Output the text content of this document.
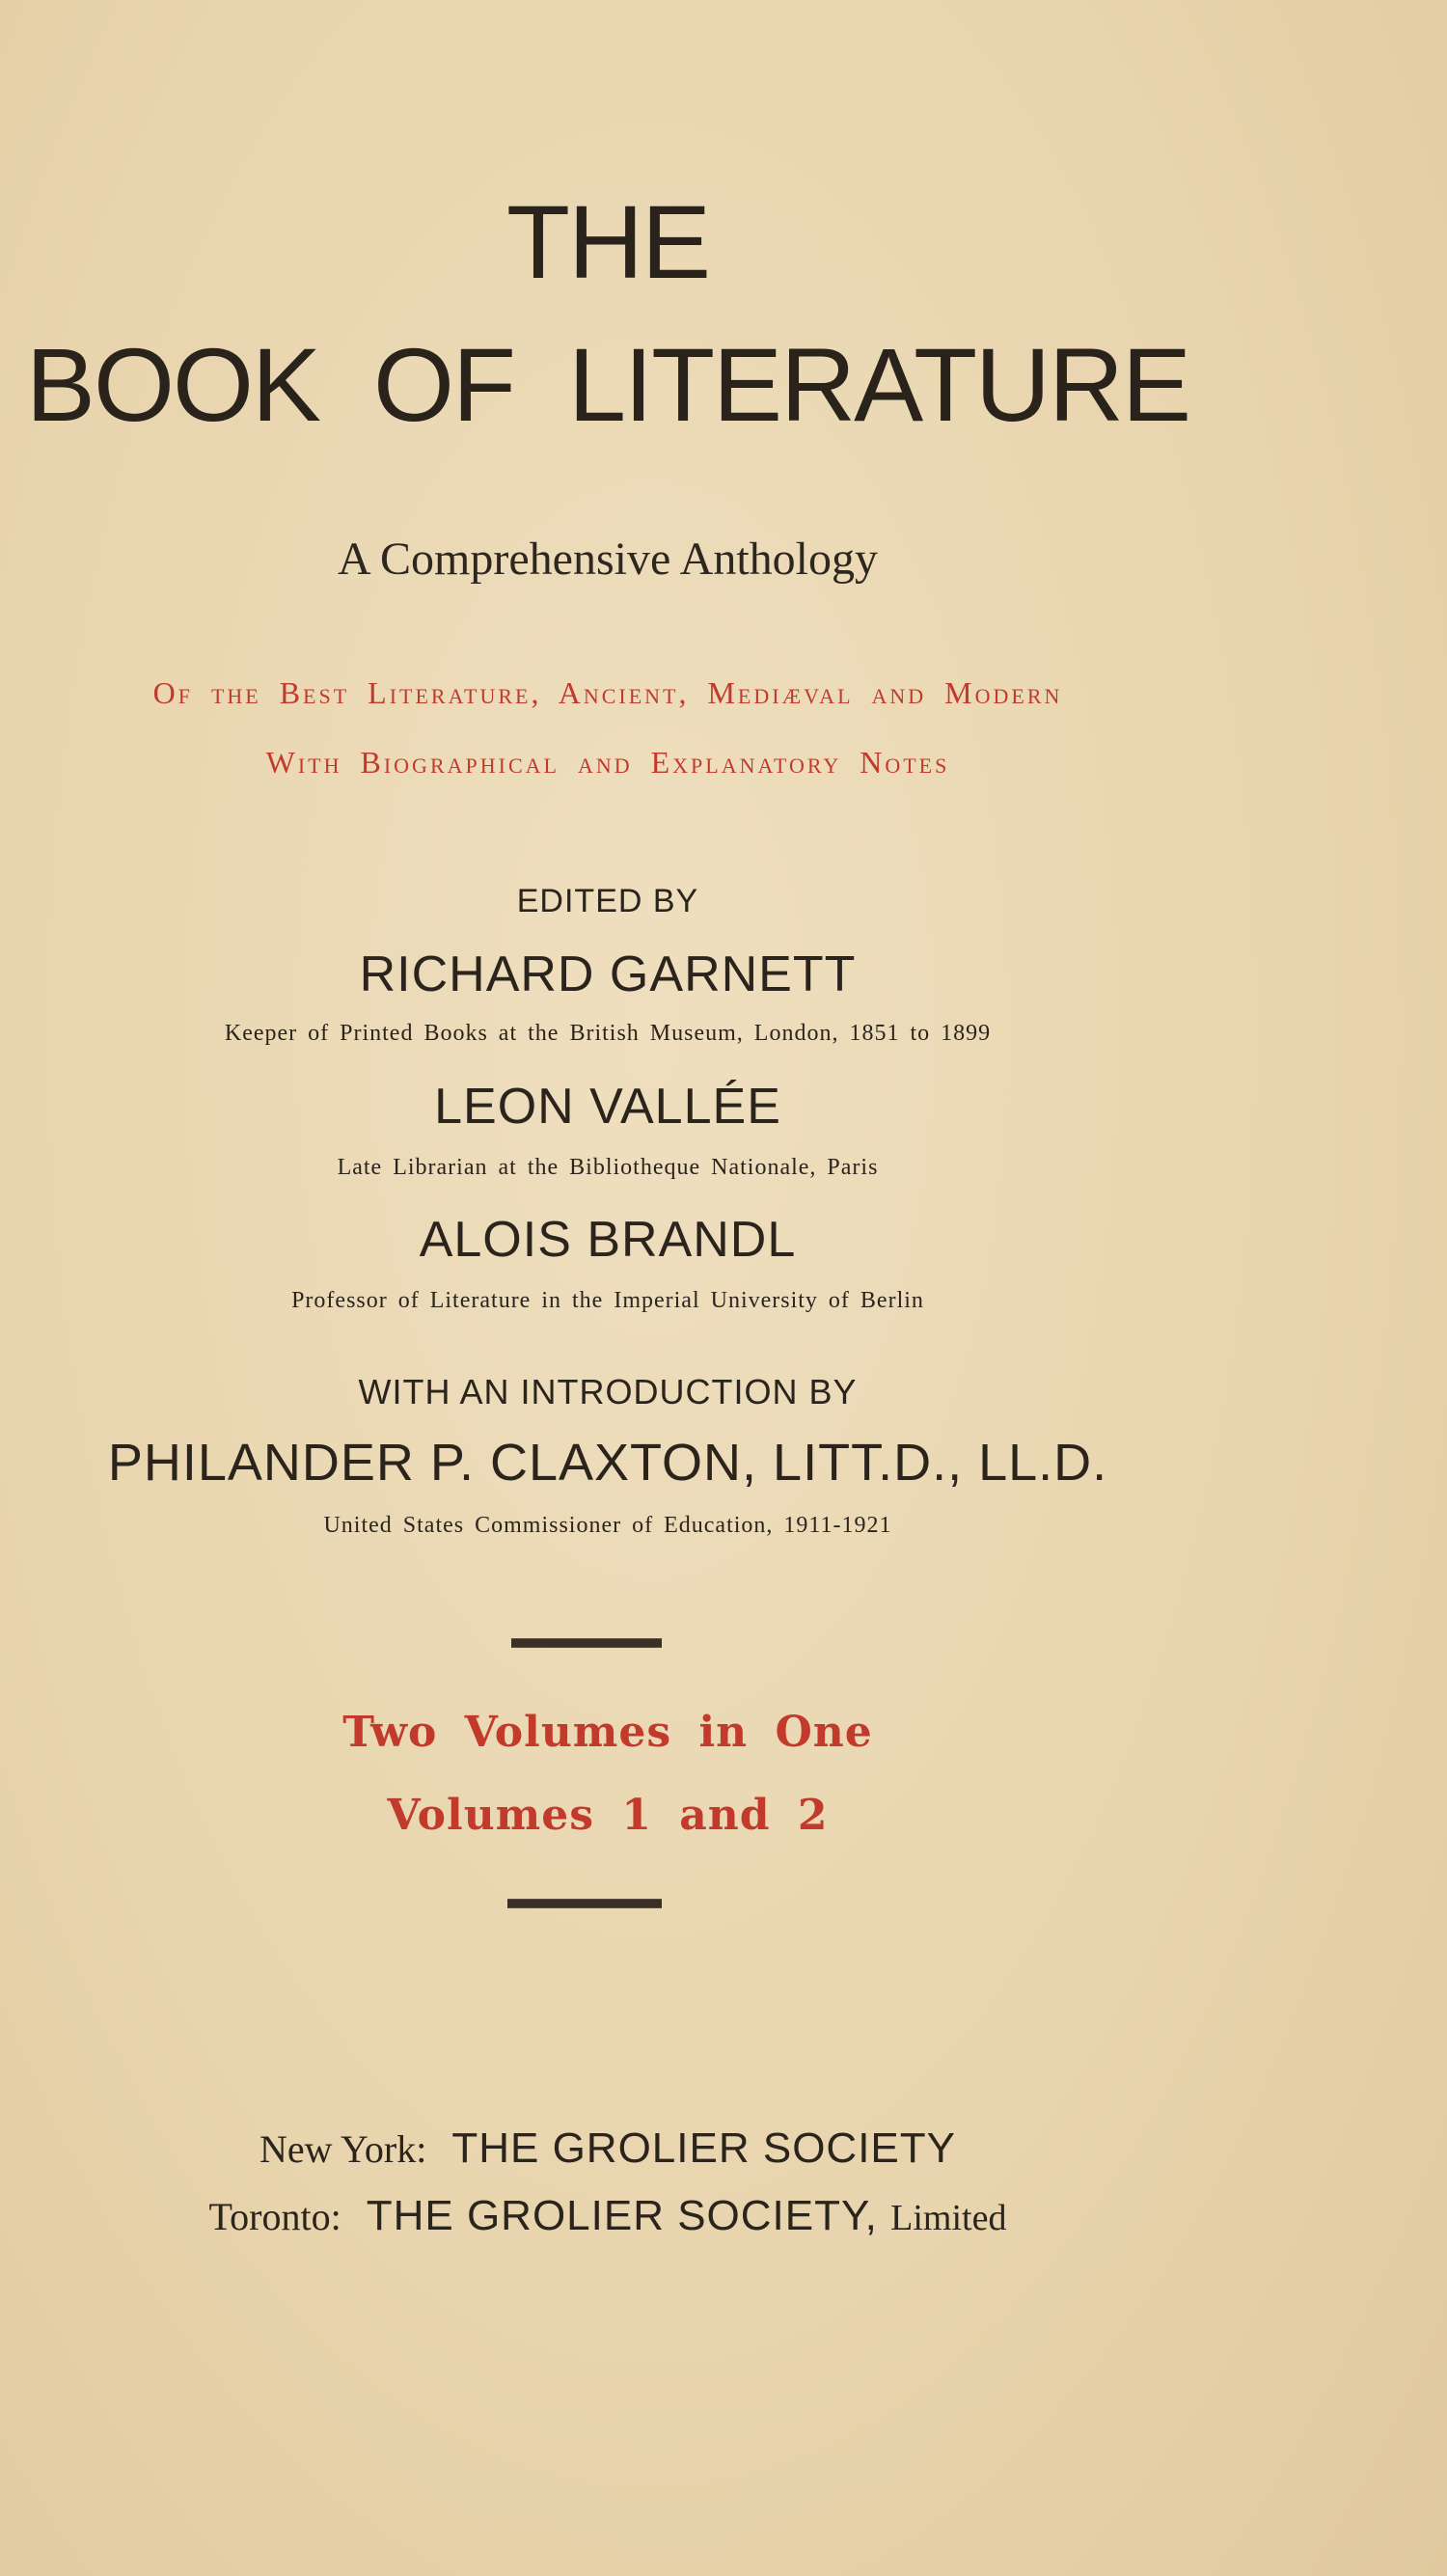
THE
BOOK OF LITERATURE
A Comprehensive Anthology
Of the Best Literature, Ancient, Mediæval and Modern
With Biographical and Explanatory Notes
EDITED BY
RICHARD GARNETT
Keeper of Printed Books at the British Museum, London, 1851 to 1899
LEON VALLÉE
Late Librarian at the Bibliotheque Nationale, Paris
ALOIS BRANDL
Professor of Literature in the Imperial University of Berlin
WITH AN INTRODUCTION BY
PHILANDER P. CLAXTON, LITT.D., LL.D.
United States Commissioner of Education, 1911-1921
Two Volumes in One
Volumes 1 and 2
New York: THE GROLIER SOCIETY
Toronto: THE GROLIER SOCIETY, Limited
